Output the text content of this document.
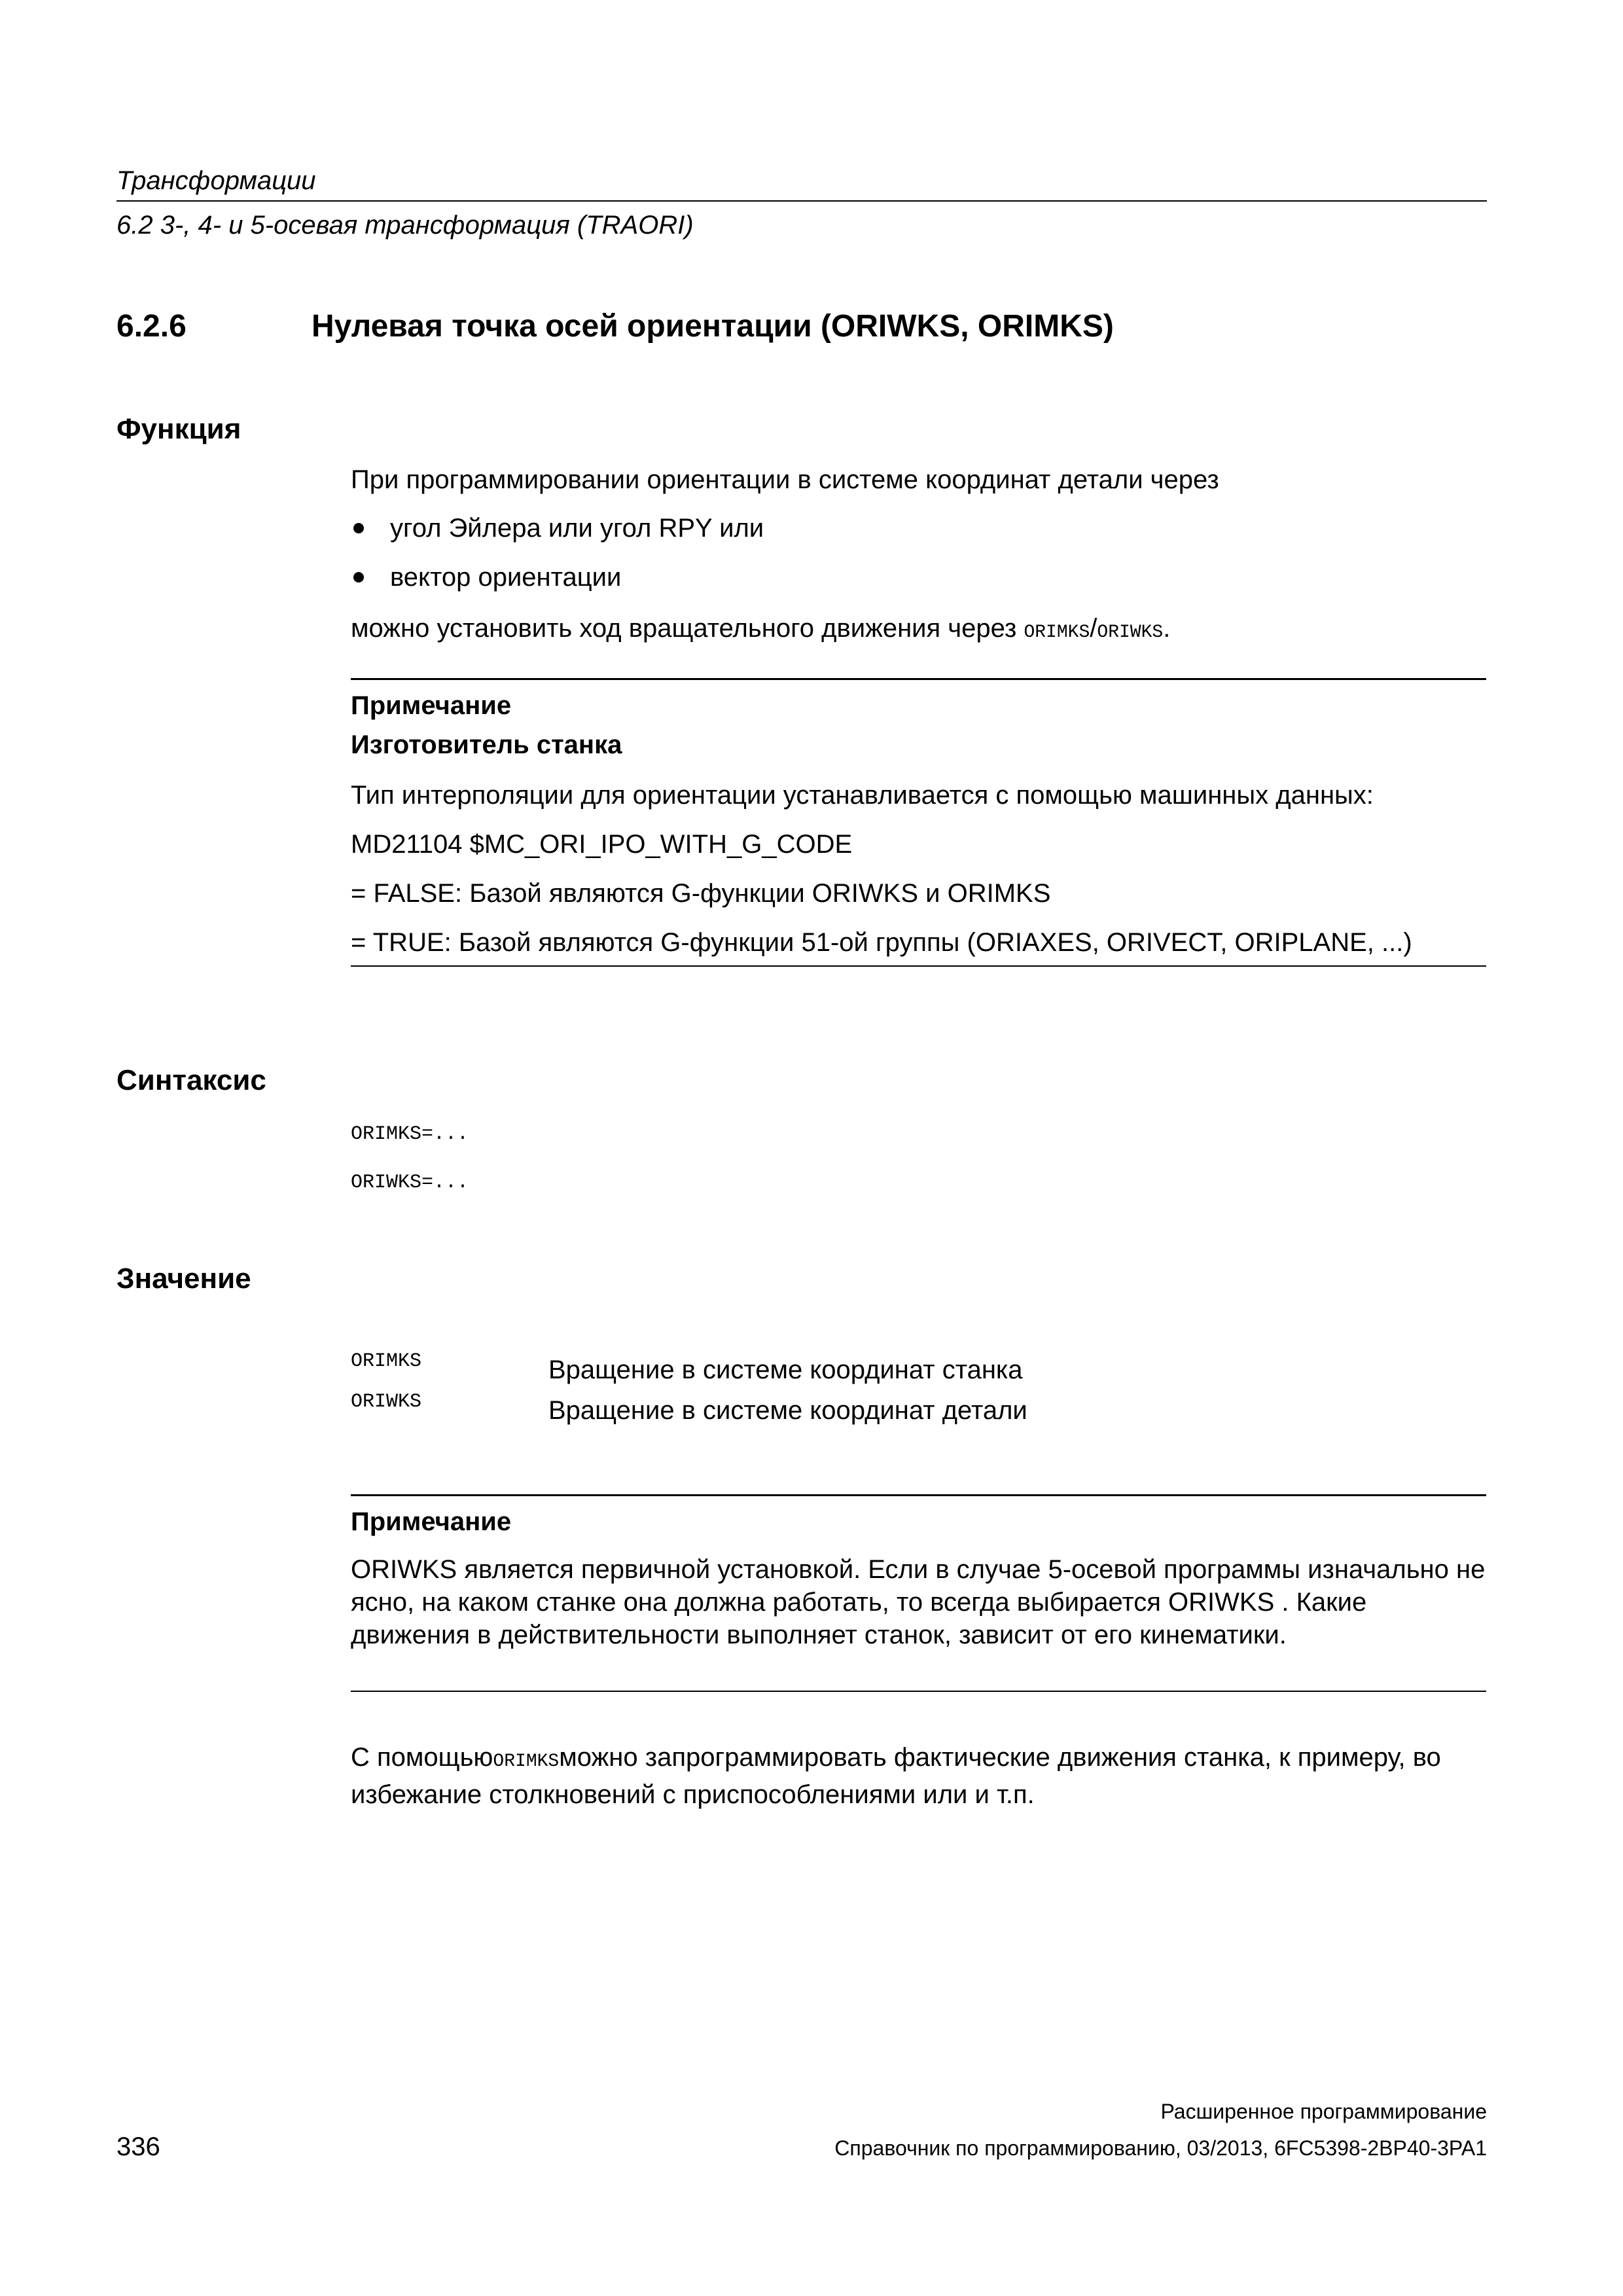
Трансформации
6.2 3-, 4- и 5-осевая трансформация (TRAORI)
6.2.6	Нулевая точка осей ориентации (ORIWKS, ORIMKS)
Функция
При программировании ориентации в системе координат детали через
угол Эйлера или угол RPY или
вектор ориентации
можно установить ход вращательного движения через ORIMKS/ORIWKS.
Примечание
Изготовитель станка
Тип интерполяции для ориентации устанавливается с помощью машинных данных:
MD21104 $MC_ORI_IPO_WITH_G_CODE
= FALSE: Базой являются G-функции ORIWKS и ORIMKS
= TRUE: Базой являются G-функции 51-ой группы (ORIAXES, ORIVECT, ORIPLANE, ...)
Синтаксис
ORIMKS=...
ORIWKS=...
Значение
ORIMKS	Вращение в системе координат станка
ORIWKS	Вращение в системе координат детали
Примечание
ORIWKS является первичной установкой. Если в случае 5-осевой программы изначально не ясно, на каком станке она должна работать, то всегда выбирается ORIWKS . Какие движения в действительности выполняет станок, зависит от его кинематики.
С помощьюORIMKSможно запрограммировать фактические движения станка, к примеру, во избежание столкновений с приспособлениями или и т.п.
Расширенное программирование
336	Справочник по программированию, 03/2013, 6FC5398-2BP40-3PA1
